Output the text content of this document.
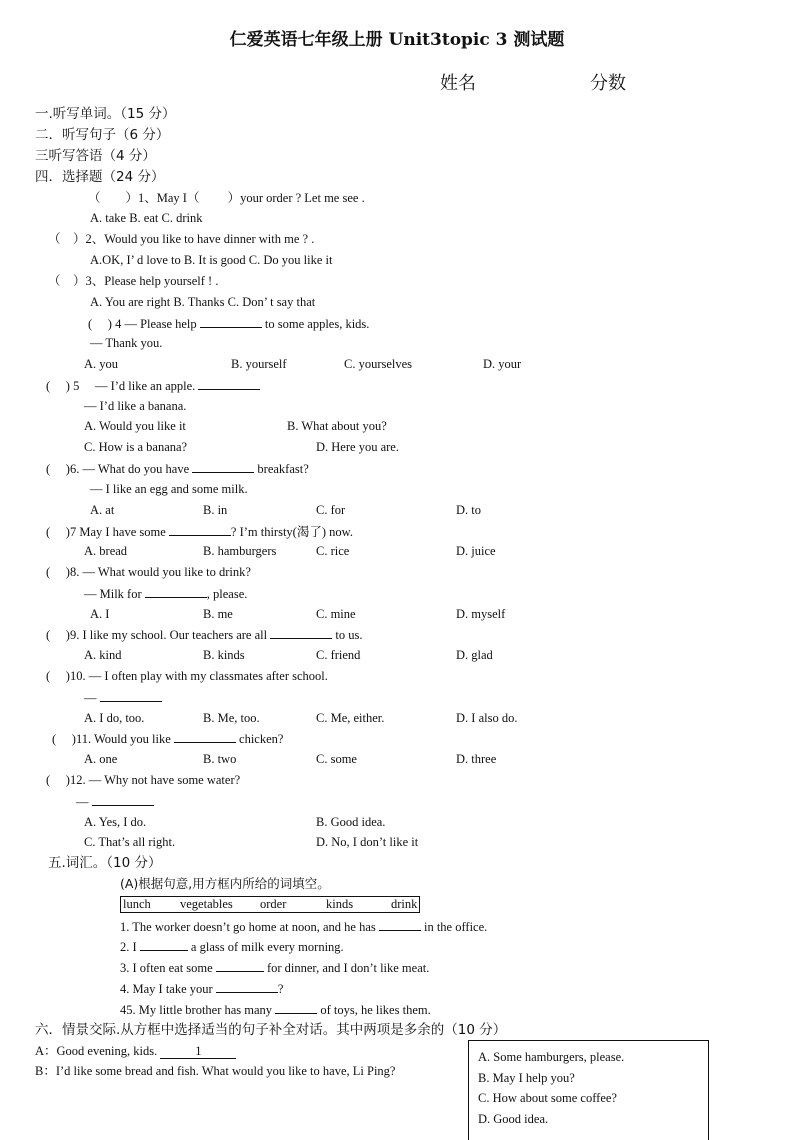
仁爱英语七年级上册 Unit3topic 3 测试题
姓名	分数
一.听写单词。（15 分）
二．听写句子（6 分）
三听写答语（4 分）
四．选择题（24 分）
（　　）1、May I（　　 ）your order ? Let me see .
A. take B. eat C. drink
（　）2、Would you like to have dinner with me ? .
A.OK, I’ d love to B. It is good C. Do you like it
（　）3、Please help yourself ! .
A. You are right B. Thanks C. Don’ t say that
(　 ) 4 — Please help	to some apples, kids.
— Thank you.
A. you	B. yourself	C. yourselves	D. your
(　 ) 5　 — I’d like an apple.
— I’d like a banana.
A. Would you like it	B. What about you?
C. How is a banana?	D. Here you are.
(　 )6. — What do you have	breakfast?
— I like an egg and some milk.
A. at	B. in	C. for	D. to
(　 )7 May I have some	? I’m thirsty(渴了) now.
A. bread	B. hamburgers	C. rice	D. juice
(　 )8. — What would you like to drink?
— Milk for	, please.
A. I	B. me	C. mine	D. myself
(　 )9. I like my school. Our teachers are all	to us.
A. kind	B. kinds	C. friend	D. glad
(　 )10. — I often play with my classmates after school.
—
A. I do, too.	B. Me, too.	C. Me, either.	D. I also do.
(　 )11. Would you like	chicken?
A. one	B. two	C. some	D. three
(　 )12. — Why not have some water?
—
A. Yes, I do.	B. Good idea.
C. That’s all right.	D. No, I don’t like it
五.词汇。（10 分）
(A)根据句意,用方框内所给的词填空。
lunch vegetables order	kinds	drink
1. The worker doesn’t go home at noon, and he has	in the office.
2. I	a glass of milk every morning.
3. I often eat some	for dinner, and I don’t like meat.
4. May I take your	?
45. My little brother has many	of toys, he likes them.
六．情景交际.从方框中选择适当的句子补全对话。其中两项是多余的（10 分）
A：Good evening, kids.	1
B：I’d like some bread and fish. What would you like to have, Li Ping?
A. Some hamburgers, please.
B. May I help you?
C. How about some coffee?
D. Good idea.
